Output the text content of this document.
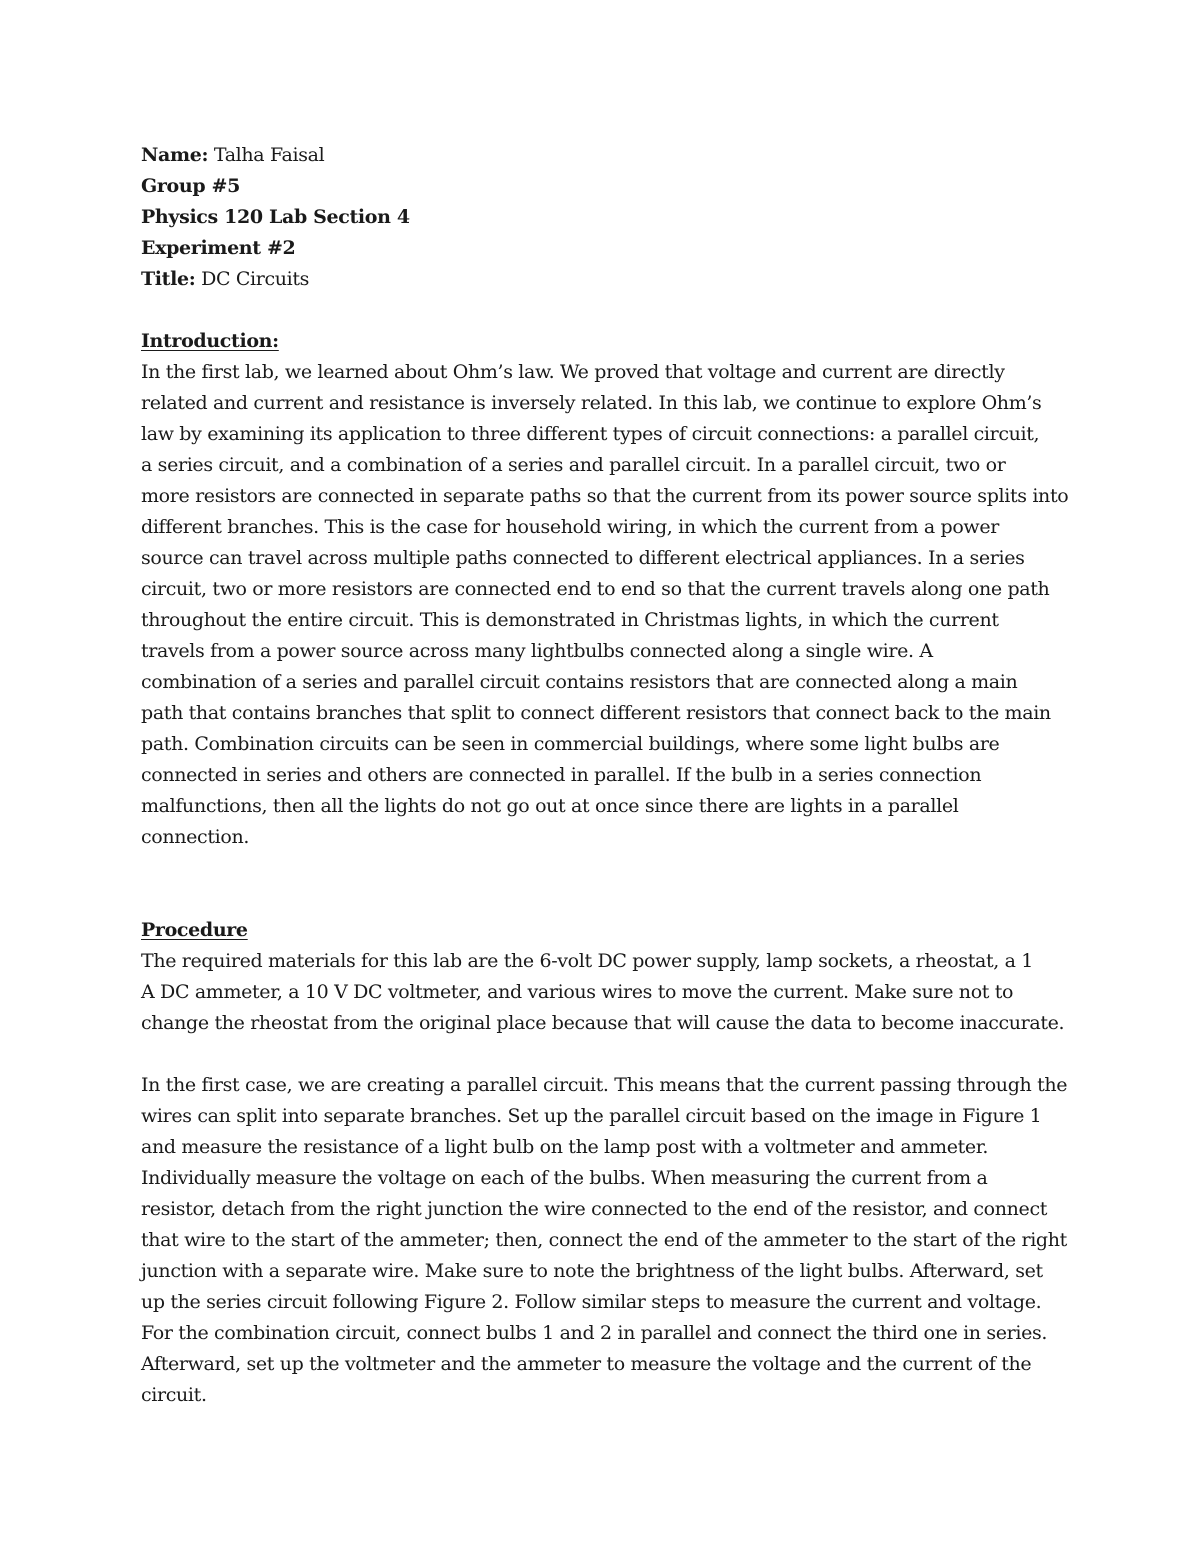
Name: Talha Faisal
Group #5
Physics 120 Lab Section 4
Experiment #2
Title: DC Circuits
Introduction:
In the first lab, we learned about Ohm’s law. We proved that voltage and current are directly
related and current and resistance is inversely related. In this lab, we continue to explore Ohm’s
law by examining its application to three different types of circuit connections: a parallel circuit,
a series circuit, and a combination of a series and parallel circuit. In a parallel circuit, two or
more resistors are connected in separate paths so that the current from its power source splits into
different branches. This is the case for household wiring, in which the current from a power
source can travel across multiple paths connected to different electrical appliances. In a series
circuit, two or more resistors are connected end to end so that the current travels along one path
throughout the entire circuit. This is demonstrated in Christmas lights, in which the current
travels from a power source across many lightbulbs connected along a single wire. A
combination of a series and parallel circuit contains resistors that are connected along a main
path that contains branches that split to connect different resistors that connect back to the main
path. Combination circuits can be seen in commercial buildings, where some light bulbs are
connected in series and others are connected in parallel. If the bulb in a series connection
malfunctions, then all the lights do not go out at once since there are lights in a parallel
connection.
Procedure
The required materials for this lab are the 6-volt DC power supply, lamp sockets, a rheostat, a 1
A DC ammeter, a 10 V DC voltmeter, and various wires to move the current. Make sure not to
change the rheostat from the original place because that will cause the data to become inaccurate.
In the first case, we are creating a parallel circuit. This means that the current passing through the
wires can split into separate branches. Set up the parallel circuit based on the image in Figure 1
and measure the resistance of a light bulb on the lamp post with a voltmeter and ammeter.
Individually measure the voltage on each of the bulbs. When measuring the current from a
resistor, detach from the right junction the wire connected to the end of the resistor, and connect
that wire to the start of the ammeter; then, connect the end of the ammeter to the start of the right
junction with a separate wire. Make sure to note the brightness of the light bulbs. Afterward, set
up the series circuit following Figure 2. Follow similar steps to measure the current and voltage.
For the combination circuit, connect bulbs 1 and 2 in parallel and connect the third one in series.
Afterward, set up the voltmeter and the ammeter to measure the voltage and the current of the
circuit.
